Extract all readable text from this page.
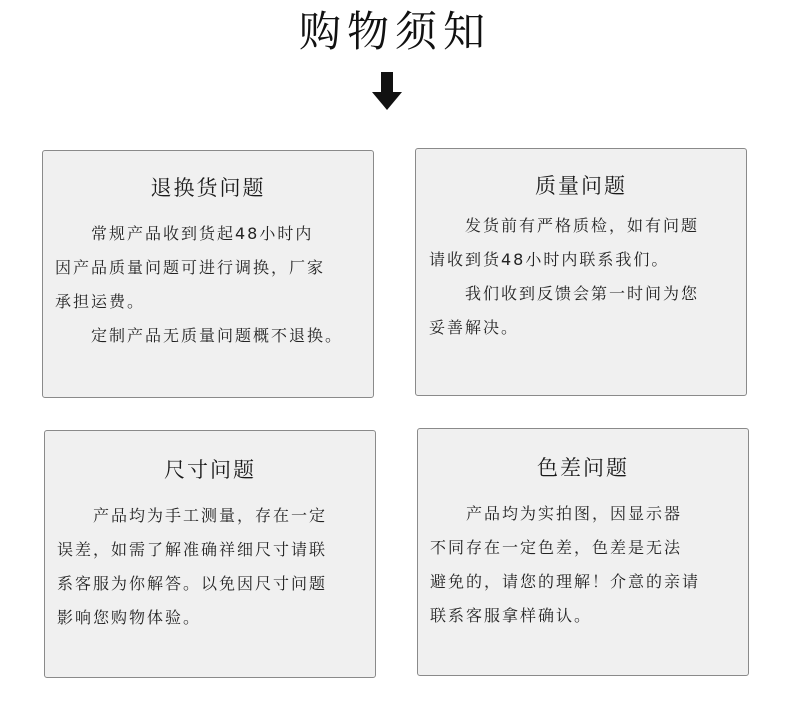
购物须知
退换货问题

常规产品收到货起48小时内

因产品质量问题可进行调换，厂家

承担运费。

定制产品无质量问题概不退换。

质量问题

发货前有严格质检，如有问题

请收到货48小时内联系我们。

我们收到反馈会第一时间为您

妥善解决。

尺寸问题

产品均为手工测量，存在一定

误差，如需了解准确祥细尺寸请联

系客服为你解答。以免因尺寸问题

影响您购物体验。

色差问题

产品均为实拍图，因显示器

不同存在一定色差，色差是无法

避免的，请您的理解！介意的亲请

联系客服拿样确认。
